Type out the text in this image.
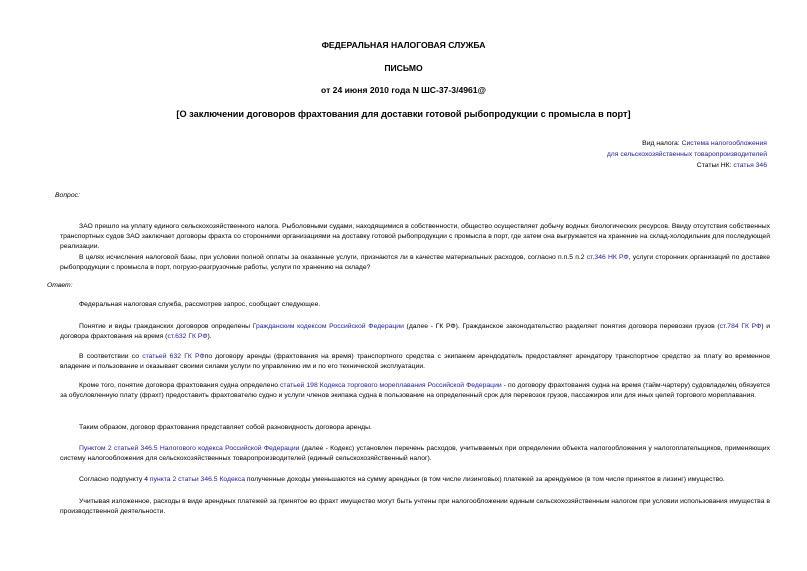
ФЕДЕРАЛЬНАЯ НАЛОГОВАЯ СЛУЖБА
ПИСЬМО
от 24 июня 2010 года N ШС-37-3/4961@
[О заключении договоров фрахтования для доставки готовой рыбопродукции с промысла в порт]
Вид налога: Система налогообложения
для сельскохозяйственных товаропроизводителей
Статьи НК: статья 346
Вопрос:

ЗАО прешло на уплату единого сельскохозяйственного налога. Рыболовными судами, находящимися в собственности, общество осуществляет добычу водных биологических ресурсов. Ввиду отсутствия собственных транспортных судов ЗАО заключает договоры фрахта со сторонними организациями на доставку готовой рыбопродукции с промысла в порт, где затем она выгружается на хранение на склад-холодильник для последующей реализации.

В целях исчисления налоговой базы, при условии полной оплаты за оказанные услуги, признаются ли в качестве материальных расходов, согласно п.п.5 п.2 ст.346 НК РФ, услуги сторонних организаций по доставке рыбопродукции с промысла в порт, погрузо-разгрузочные работы, услуги по хранению на складе?

Ответ:

Федеральная налоговая служба, рассмотрев запрос, сообщает следующее.

Понятие и виды гражданских договоров определены Гражданским кодексом Российской Федерации (далее - ГК РФ). Гражданское законодательство разделяет понятия договора перевозки грузов (ст.784 ГК РФ) и договора фрахтования на время (ст.632 ГК РФ).

В соответствии со статьей 632 ГК РФпо договору аренды (фрахтования на время) транспортного средства с экипажем арендодатель предоставляет арендатору транспортное средство за плату во временное владение и пользование и оказывает своими силами услуги по управлению им и по его технической эксплуатации.

Кроме того, понятие договора фрахтования судна определено статьей 198 Кодекса торгового мореплавания Российской Федерации - по договору фрахтования судна на время (тайм-чартеру) судовладелец обязуется за обусловленную плату (фрахт) предоставить фрахтователю судно и услуги членов экипажа судна в пользование на определенный срок для перевозок грузов, пассажиров или для иных целей торгового мореплавания.

Таким образом, договор фрахтования представляет собой разновидность договора аренды.

Пунктом 2 статьей 346.5 Налогового кодекса Российской Федерации (далее - Кодекс) установлен перечень расходов, учитываемых при определении объекта налогообложения у налогоплательщиков, применяющих систему налогообложения для сельскохозяйственных товаропроизводителей (единый сельскохозяйственный налог).

Согласно подпункту 4 пункта 2 статьи 346.5 Кодекса полученные доходы уменьшаются на сумму арендных (в том числе лизинговых) платежей за арендуемое (в том числе принятое в лизинг) имущество.

Учитывая изложенное, расходы в виде арендных платежей за принятое во фрахт имущество могут быть учтены при налогообложении единым сельскохозяйственным налогом при условии использования имущества в производственной деятельности.
